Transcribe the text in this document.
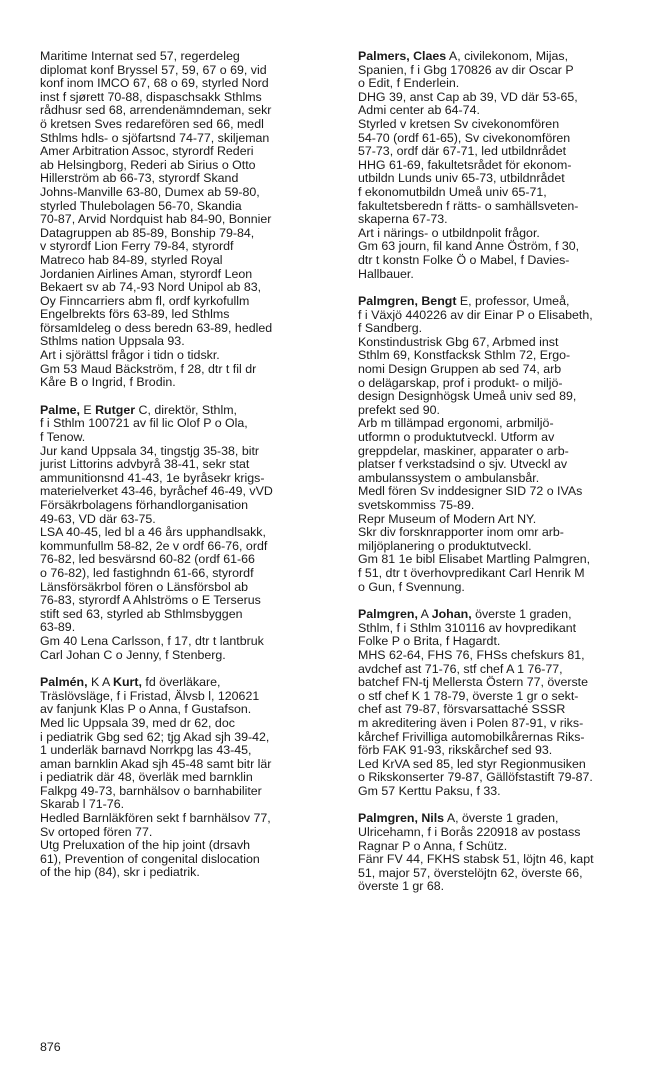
Maritime Internat sed 57, regerdeleg
diplomat konf Bryssel 57, 59, 67 o 69, vid
konf inom IMCO 67, 68 o 69, styrled Nord
inst f sjørett 70-88, dispaschsakk Sthlms
rådhusr sed 68, arrendenämndeman, sekr
ö kretsen Sves redarefören sed 66, medl
Sthlms hdls- o sjöfartsnd 74-77, skiljeman
Amer Arbitration Assoc, styrordf Rederi
ab Helsingborg, Rederi ab Sirius o Otto
Hillerström ab 66-73, styrordf Skand
Johns-Manville 63-80, Dumex ab 59-80,
styrled Thulebolagen 56-70, Skandia
70-87, Arvid Nordquist hab 84-90, Bonnier
Datagruppen ab 85-89, Bonship 79-84,
v styrordf Lion Ferry 79-84, styrordf
Matreco hab 84-89, styrled Royal
Jordanien Airlines Aman, styrordf Leon
Bekaert sv ab 74,-93 Nord Unipol ab 83,
Oy Finncarriers abm fl, ordf kyrkofullm
Engelbrekts förs 63-89, led Sthlms
församldeleg o dess beredn 63-89, hedled
Sthlms nation Uppsala 93.
Art i sjörättsl frågor i tidn o tidskr.
Gm 53 Maud Bäckström, f 28, dtr t fil dr
Kåre B o Ingrid, f Brodin.
Palme, E Rutger C, direktör, Sthlm,
f i Sthlm 100721 av fil lic Olof P o Ola,
f Tenow.
Jur kand Uppsala 34, tingstjg 35-38, bitr
jurist Littorins advbyrå 38-41, sekr stat
ammunitionsnd 41-43, 1e byråsekr krigs-
materielverket 43-46, byråchef 46-49, vVD
Försäkrbolagens förhandlorganisation
49-63, VD där 63-75.
LSA 40-45, led bl a 46 års upphandlsakk,
kommunfullm 58-82, 2e v ordf 66-76, ordf
76-82, led besvärsnd 60-82 (ordf 61-66
o 76-82), led fastighndn 61-66, styrordf
Länsförsäkrbol fören o Länsförsbol ab
76-83, styrordf A Ahlströms o E Terserus
stift sed 63, styrled ab Sthlmsbyggen
63-89.
Gm 40 Lena Carlsson, f 17, dtr t lantbruk
Carl Johan C o Jenny, f Stenberg.
Palmén, K A Kurt, fd överläkare,
Träslövsläge, f i Fristad, Älvsb l, 120621
av fanjunk Klas P o Anna, f Gustafson.
Med lic Uppsala 39, med dr 62, doc
i pediatrik Gbg sed 62; tjg Akad sjh 39-42,
1 underläk barnavd Norrkpg las 43-45,
aman barnklin Akad sjh 45-48 samt bitr lär
i pediatrik där 48, överläk med barnklin
Falkpg 49-73, barnhälsov o barnhabiliter
Skarab l 71-76.
Hedled Barnläkfören sekt f barnhälsov 77,
Sv ortoped fören 77.
Utg Preluxation of the hip joint (drsavh
61), Prevention of congenital dislocation
of the hip (84), skr i pediatrik.
Palmers, Claes A, civilekonom, Mijas,
Spanien, f i Gbg 170826 av dir Oscar P
o Edit, f Enderlein.
DHG 39, anst Cap ab 39, VD där 53-65,
Admi center ab 64-74.
Styrled v kretsen Sv civekonomfören
54-70 (ordf 61-65), Sv civekonomfören
57-73, ordf där 67-71, led utbildnrådet
HHG 61-69, fakultetsrådet för ekonom-
utbildn Lunds univ 65-73, utbildnrådet
f ekonomutbildn Umeå univ 65-71,
fakultetsberedn f rätts- o samhällsveten-
skaperna 67-73.
Art i närings- o utbildnpolit frågor.
Gm 63 journ, fil kand Anne Öström, f 30,
dtr t konstn Folke Ö o Mabel, f Davies-
Hallbauer.
Palmgren, Bengt E, professor, Umeå,
f i Växjö 440226 av dir Einar P o Elisabeth,
f Sandberg.
Konstindustrisk Gbg 67, Arbmed inst
Sthlm 69, Konstfacksk Sthlm 72, Ergo-
nomi Design Gruppen ab sed 74, arb
o delägarskap, prof i produkt- o miljö-
design Designhögsk Umeå univ sed 89,
prefekt sed 90.
Arb m tillämpad ergonomi, arbmiljö-
utformn o produktutveckl. Utform av
greppdelar, maskiner, apparater o arb-
platser f verkstadsind o sjv. Utveckl av
ambulanssystem o ambulansbår.
Medl fören Sv inddesigner SID 72 o IVAs
svetskommiss 75-89.
Repr Museum of Modern Art NY.
Skr div forsknrapporter inom omr arb-
miljöplanering o produktutveckl.
Gm 81 1e bibl Elisabet Martling Palmgren,
f 51, dtr t överhovpredikant Carl Henrik M
o Gun, f Svennung.
Palmgren, A Johan, överste 1 graden,
Sthlm, f i Sthlm 310116 av hovpredikant
Folke P o Brita, f Hagardt.
MHS 62-64, FHS 76, FHSs chefskurs 81,
avdchef ast 71-76, stf chef A 1 76-77,
batchef FN-tj Mellersta Östern 77, överste
o stf chef K 1 78-79, överste 1 gr o sekt-
chef ast 79-87, försvarsattaché SSSR
m akreditering även i Polen 87-91, v riks-
kårchef Frivilliga automobilkårernas Riks-
förb FAK 91-93, rikskårchef sed 93.
Led KrVA sed 85, led styr Regionmusiken
o Rikskonserter 79-87, Gällöfstastift 79-87.
Gm 57 Kerttu Paksu, f 33.
Palmgren, Nils A, överste 1 graden,
Ulricehamn, f i Borås 220918 av postass
Ragnar P o Anna, f Schütz.
Fänr FV 44, FKHS stabsk 51, löjtn 46, kapt
51, major 57, överstelöjtn 62, överste 66,
överste 1 gr 68.
876
